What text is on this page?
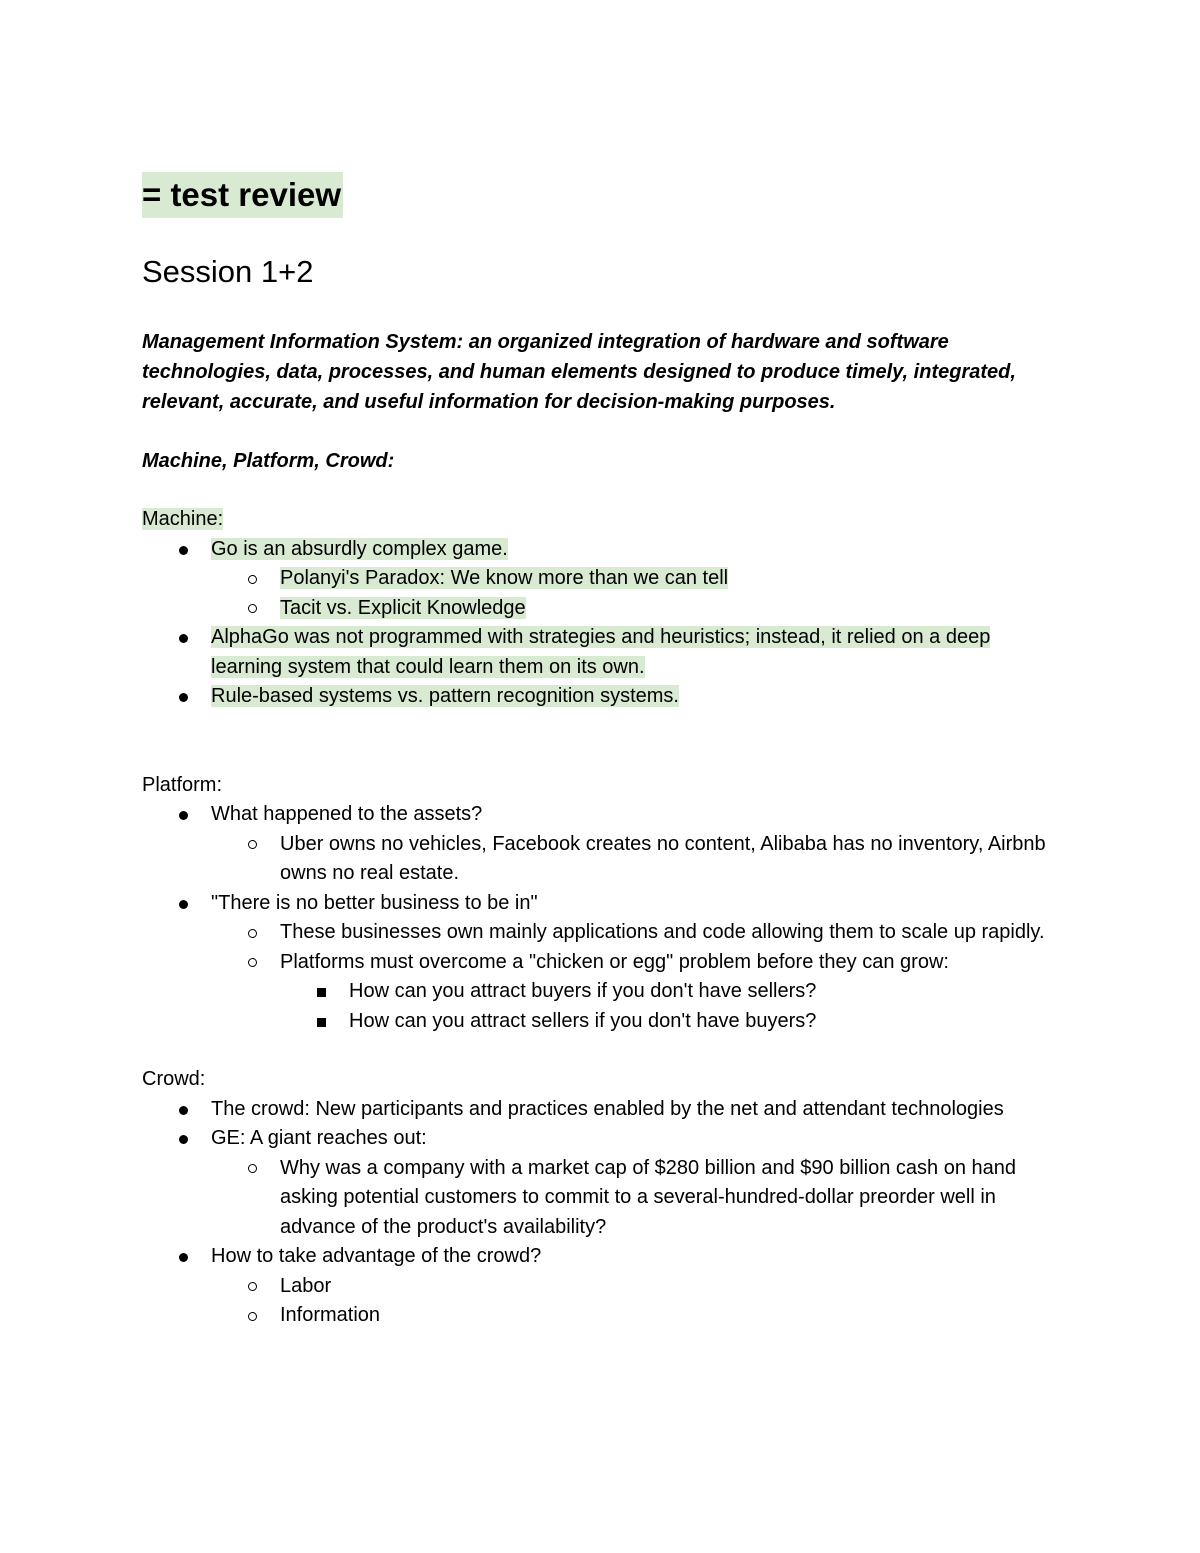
= test review
Session 1+2

Management Information System: an organized integration of hardware and software technologies, data, processes, and human elements designed to produce timely, integrated, relevant, accurate, and useful information for decision-making purposes.

Machine, Platform, Crowd:

Machine:

Go is an absurdly complex game.
Polanyi's Paradox: We know more than we can tell
Tacit vs. Explicit Knowledge
AlphaGo was not programmed with strategies and heuristics; instead, it relied on a deep
learning system that could learn them on its own.
Rule-based systems vs. pattern recognition systems.

Platform:

What happened to the assets?
Uber owns no vehicles, Facebook creates no content, Alibaba has no inventory, Airbnb owns no real estate.
"There is no better business to be in"
These businesses own mainly applications and code allowing them to scale up rapidly.
Platforms must overcome a "chicken or egg" problem before they can grow:
How can you attract buyers if you don't have sellers?
How can you attract sellers if you don't have buyers?

Crowd:

The crowd: New participants and practices enabled by the net and attendant technologies
GE: A giant reaches out:
Why was a company with a market cap of $280 billion and $90 billion cash on hand asking potential customers to commit to a several-hundred-dollar preorder well in advance of the product's availability?
How to take advantage of the crowd?
Labor
Information
